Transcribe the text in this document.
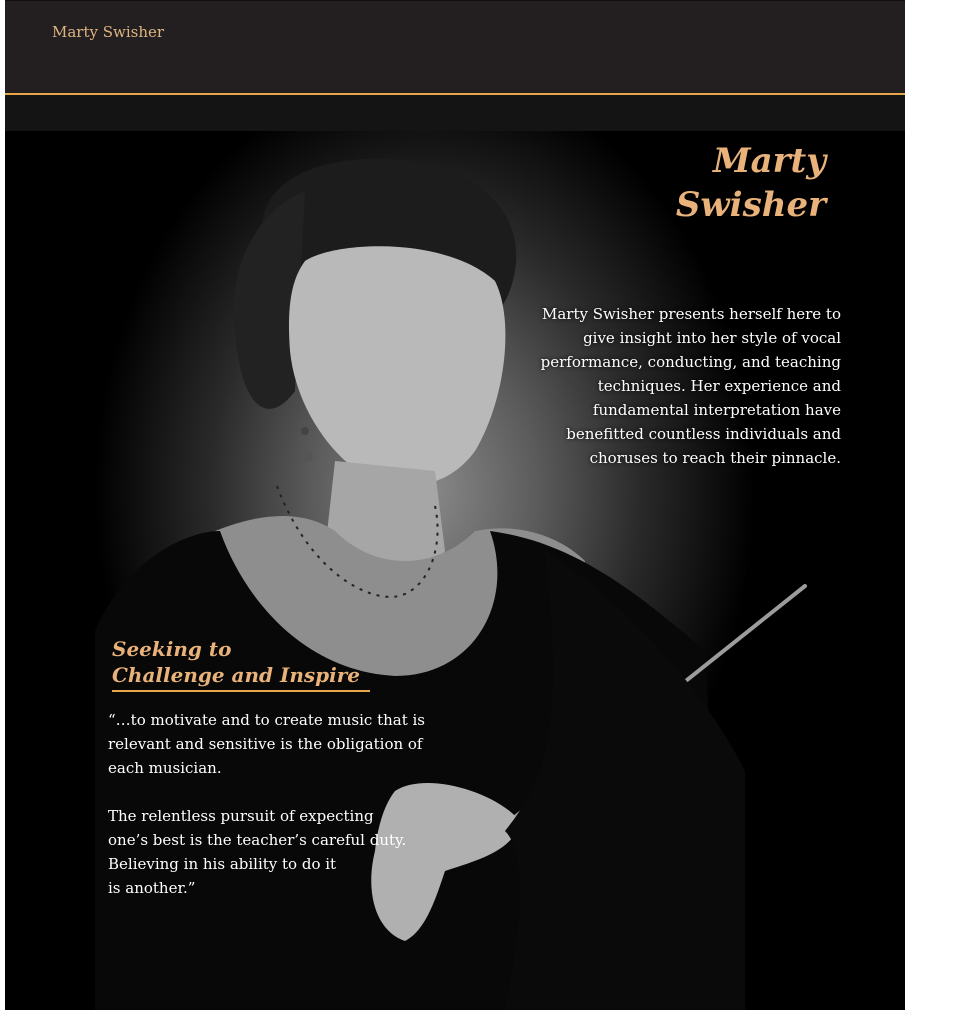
Marty Swisher
Marty
Swisher

Marty Swisher presents herself here to give insight into her style of vocal performance, conducting, and teaching techniques. Her experience and fundamental interpretation have benefitted countless individuals and choruses to reach their pinnacle.

Seeking to
Challenge and Inspire

“…to motivate and to create music that is relevant and sensitive is the obligation of each musician.

The relentless pursuit of expecting
one’s best is the teacher’s careful duty.
Believing in his ability to do it
is another.”
